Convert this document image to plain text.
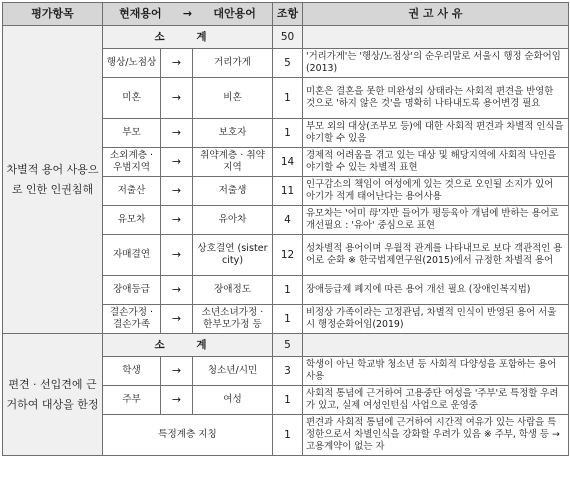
평가항목	현재용어 → 대안용어			조항	권 고 사 유
차별적 용어 사용으로 인한 인권침해	소 계			50	
	행상/노점상	→	거리가게	5	'거리가게'는 '행상/노점상'의 순우리말로 서울시 행정 순화어임(2013)
	미혼	→	비혼	1	미혼은 결혼을 못한 미완성의 상태라는 사회적 편견을 반영한 것으로 '하지 않은 것'을 명확히 나타내도록 용어변경 필요
	부모	→	보호자	1	부모 외의 대상(조부모 등)에 대한 사회적 편견과 차별적 인식을 야기할 수 있음
	소외계층 · 우범지역	→	취약계층 · 취약지역	14	경제적 어려움을 겪고 있는 대상 및 해당지역에 사회적 낙인을 야기할 수 있는 차별적 표현
	저출산	→	저출생	11	인구감소의 책임이 여성에게 있는 것으로 오인될 소지가 있어 아기가 적게 태어난다는 용어사용
	유모차	→	유아차	4	유모차는 '어미 母'자만 들어가 평등육아 개념에 반하는 용어로 개선필요 : '유아' 중심으로 표현
	자매결연	→	상호결연 (sister city)	12	성차별적 용어이며 우월적 관계를 나타내므로 보다 객관적인 용어로 순화 ※ 한국법제연구원(2015)에서 규정한 차별적 용어
	장애등급	→	장애정도	1	장애등급제 폐지에 따른 용어 개선 필요 (장애인복지법)
	결손가정 · 결손가족	→	소년소녀가정 · 한부모가정 등	1	비정상 가족이라는 고정관념, 차별적 인식이 반영된 용어 서울시 행정순화어임(2019)
편견 · 선입견에 근거하여 대상을 한정	소 계			5	
	학생	→	청소년/시민	3	학생이 아닌 학교밖 청소년 등 사회적 다양성을 포함하는 용어 사용
	주부	→	여성	1	사회적 통념에 근거하여 고용중단 여성을 '주부'로 특정할 우려가 있고, 실제 여성인턴십 사업으로 운영중
	특정계층 지칭			1	편견과 사회적 통념에 근거하여 시간적 여유가 있는 사람을 특정한으로서 차별인식을 강화할 우려가 있음 ※ 주부, 학생 등 → 고용계약이 없는 자
